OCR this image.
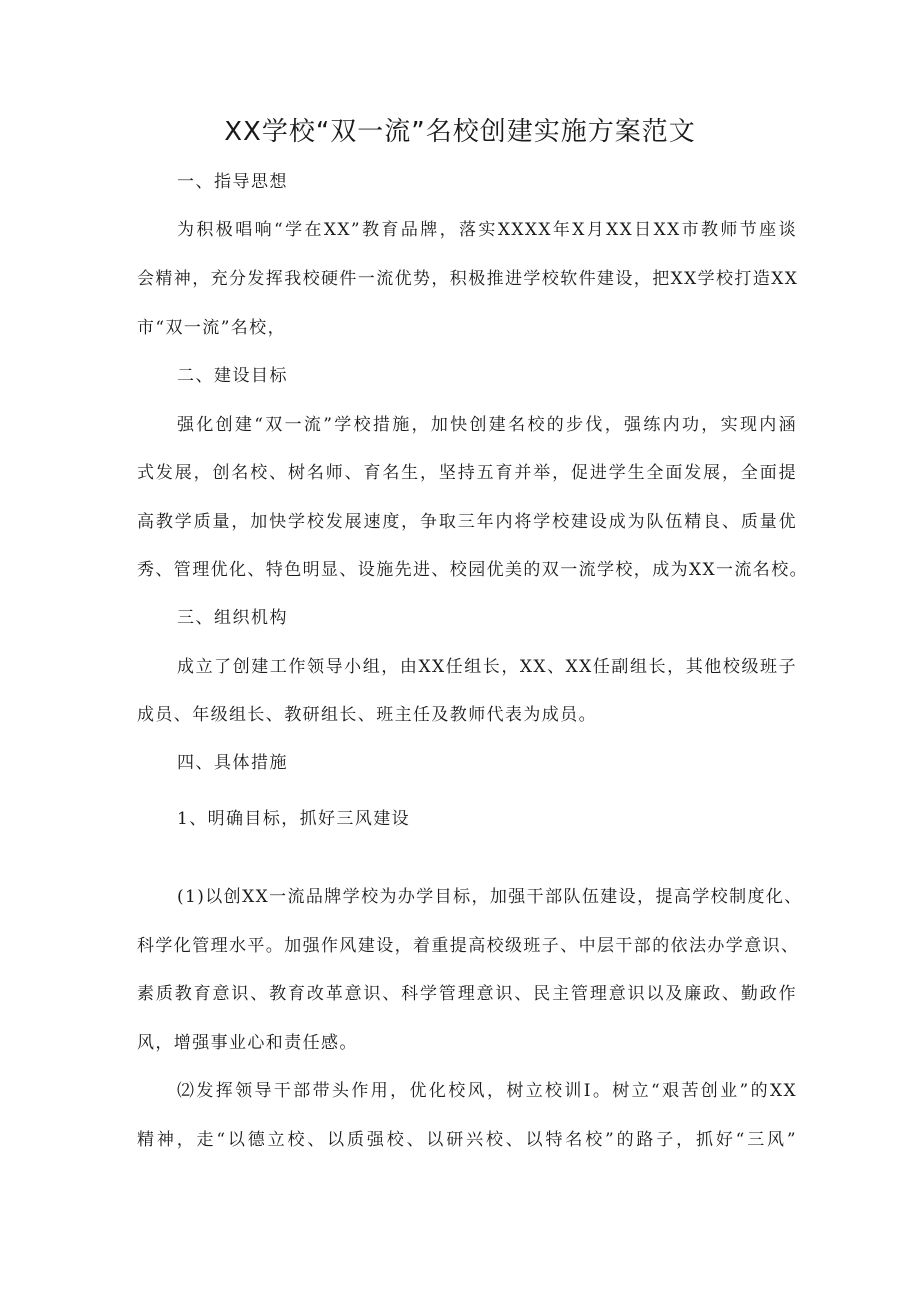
XX学校“双一流”名校创建实施方案范文
一、指导思想
为积极唱响“学在XX”教育品牌，落实XXXX年X月XX日XX市教师节座谈
会精神，充分发挥我校硬件一流优势，积极推进学校软件建设，把XX学校打造XX
市“双一流”名校，
二、建设目标
强化创建“双一流”学校措施，加快创建名校的步伐，强练内功，实现内涵
式发展，创名校、树名师、育名生，坚持五育并举，促进学生全面发展，全面提
高教学质量，加快学校发展速度，争取三年内将学校建设成为队伍精良、质量优
秀、管理优化、特色明显、设施先进、校园优美的双一流学校，成为XX一流名校。
三、组织机构
成立了创建工作领导小组，由XX任组长，XX、XX任副组长，其他校级班子
成员、年级组长、教研组长、班主任及教师代表为成员。
四、具体措施
1、明确目标，抓好三风建设
(1)以创XX一流品牌学校为办学目标，加强干部队伍建设，提高学校制度化、
科学化管理水平。加强作风建设，着重提高校级班子、中层干部的依法办学意识、
素质教育意识、教育改革意识、科学管理意识、民主管理意识以及廉政、勤政作
风，增强事业心和责任感。
⑵发挥领导干部带头作用，优化校风，树立校训I。树立“艰苦创业”的XX
精神，走“以德立校、以质强校、以研兴校、以特名校”的路子，抓好“三风”
